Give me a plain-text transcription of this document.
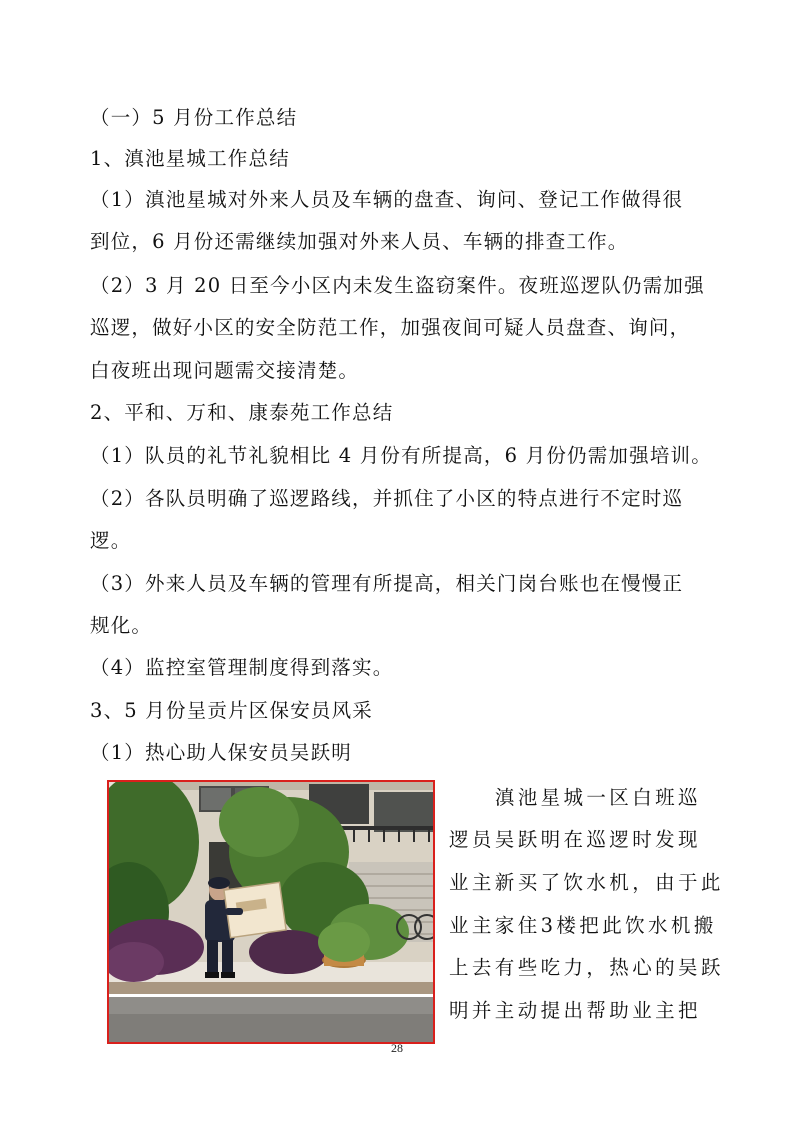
（一）5 月份工作总结
1、滇池星城工作总结
（1）滇池星城对外来人员及车辆的盘查、询问、登记工作做得很
到位，6 月份还需继续加强对外来人员、车辆的排查工作。
（2）3 月 20 日至今小区内未发生盗窃案件。夜班巡逻队仍需加强
巡逻，做好小区的安全防范工作，加强夜间可疑人员盘查、询问，
白夜班出现问题需交接清楚。
2、平和、万和、康泰苑工作总结
（1）队员的礼节礼貌相比 4 月份有所提高，6 月份仍需加强培训。
（2）各队员明确了巡逻路线，并抓住了小区的特点进行不定时巡
逻。
（3）外来人员及车辆的管理有所提高，相关门岗台账也在慢慢正
规化。
（4）监控室管理制度得到落实。
3、5 月份呈贡片区保安员风采
（1）热心助人保安员吴跃明
　　滇池星城一区白班巡
逻员吴跃明在巡逻时发现
业主新买了饮水机，由于此
业主家住3楼把此饮水机搬
上去有些吃力，热心的吴跃
明并主动提出帮助业主把
28
